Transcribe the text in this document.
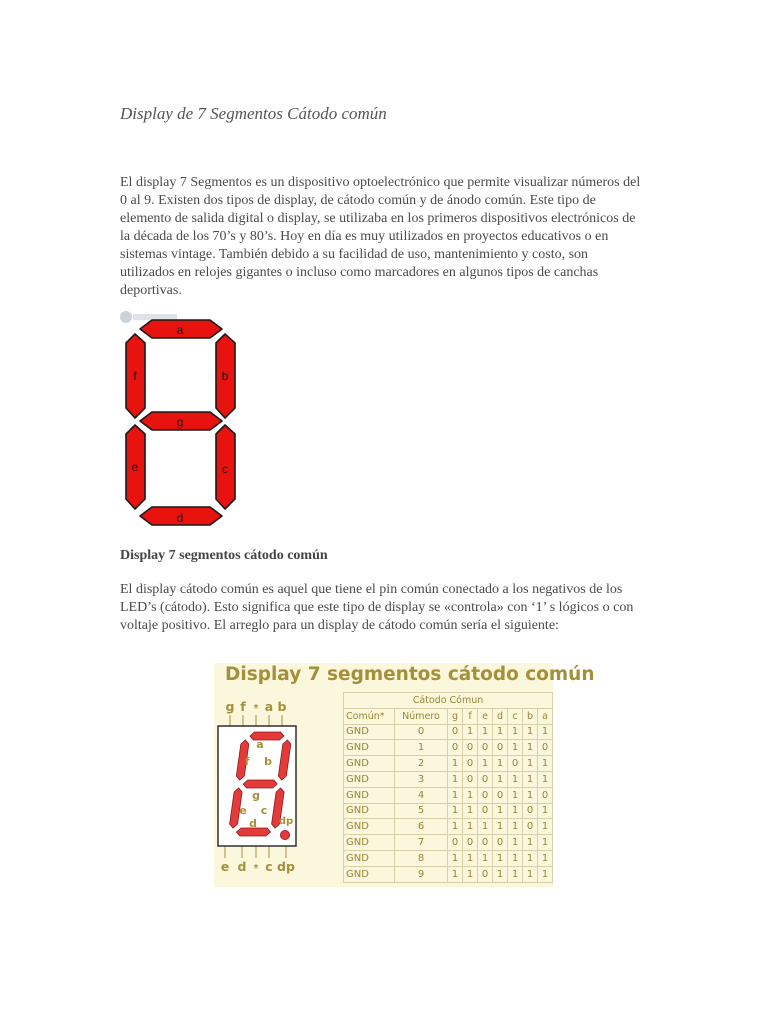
Display de 7 Segmentos Cátodo común

El display 7 Segmentos es un dispositivo optoelectrónico que permite visualizar números del 0 al 9. Existen dos tipos de display, de cátodo común y de ánodo común. Este tipo de elemento de salida digital o display, se utilizaba en los primeros dispositivos electrónicos de la década de los 70’s y 80’s. Hoy en día es muy utilizados en proyectos educativos o en sistemas vintage. También debido a su facilidad de uso, mantenimiento y costo, son utilizados en relojes gigantes o incluso como marcadores en algunos tipos de canchas deportivas.

a
f	b
g
e	c
d
Display 7 segmentos cátodo común

El display cátodo común es aquel que tiene el pin común conectado a los negativos de los LED’s (cátodo). Esto significa que este tipo de display se «controla» con ‘1’ s lógicos o con voltaje positivo. El arreglo para un display de cátodo común sería el siguiente:

Display 7 segmentos cátodo común
g f * a b
e d * c dp
a
f b
g
e c
d dp
Cátodo Cómun								
Común*	Número	g	f	e	d	c	b	a
GND	0	0	1	1	1	1	1	1
GND	1	0	0	0	0	1	1	0
GND	2	1	0	1	1	0	1	1
GND	3	1	0	0	1	1	1	1
GND	4	1	1	0	0	1	1	0
GND	5	1	1	0	1	1	0	1
GND	6	1	1	1	1	1	0	1
GND	7	0	0	0	0	1	1	1
GND	8	1	1	1	1	1	1	1
GND	9	1	1	0	1	1	1	1
